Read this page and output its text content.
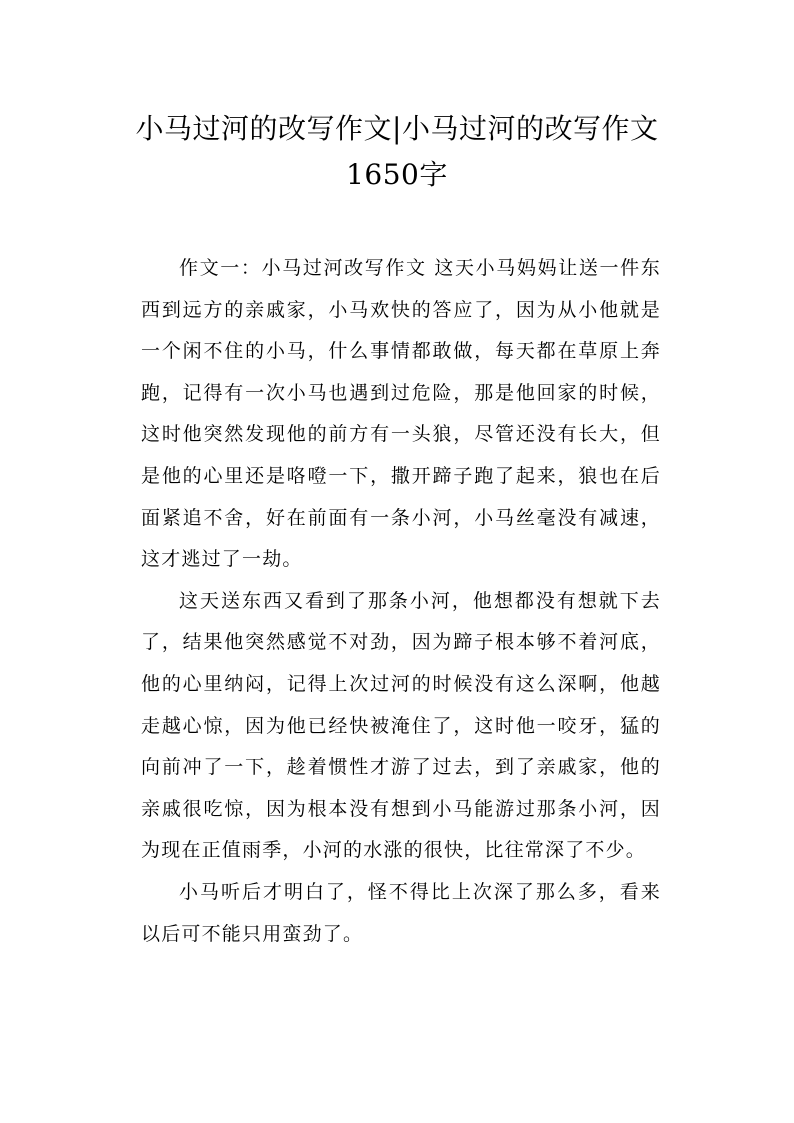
小马过河的改写作文|小马过河的改写作文1650字

作文一：小马过河改写作文 这天小马妈妈让送一件东西到远方的亲戚家，小马欢快的答应了，因为从小他就是一个闲不住的小马，什么事情都敢做，每天都在草原上奔跑，记得有一次小马也遇到过危险，那是他回家的时候，这时他突然发现他的前方有一头狼，尽管还没有长大，但是他的心里还是咯噔一下，撒开蹄子跑了起来，狼也在后面紧追不舍，好在前面有一条小河，小马丝毫没有减速，这才逃过了一劫。

这天送东西又看到了那条小河，他想都没有想就下去了，结果他突然感觉不对劲，因为蹄子根本够不着河底，他的心里纳闷，记得上次过河的时候没有这么深啊，他越走越心惊，因为他已经快被淹住了，这时他一咬牙，猛的向前冲了一下，趁着惯性才游了过去，到了亲戚家，他的亲戚很吃惊，因为根本没有想到小马能游过那条小河，因为现在正值雨季，小河的水涨的很快，比往常深了不少。

小马听后才明白了，怪不得比上次深了那么多，看来以后可不能只用蛮劲了。
